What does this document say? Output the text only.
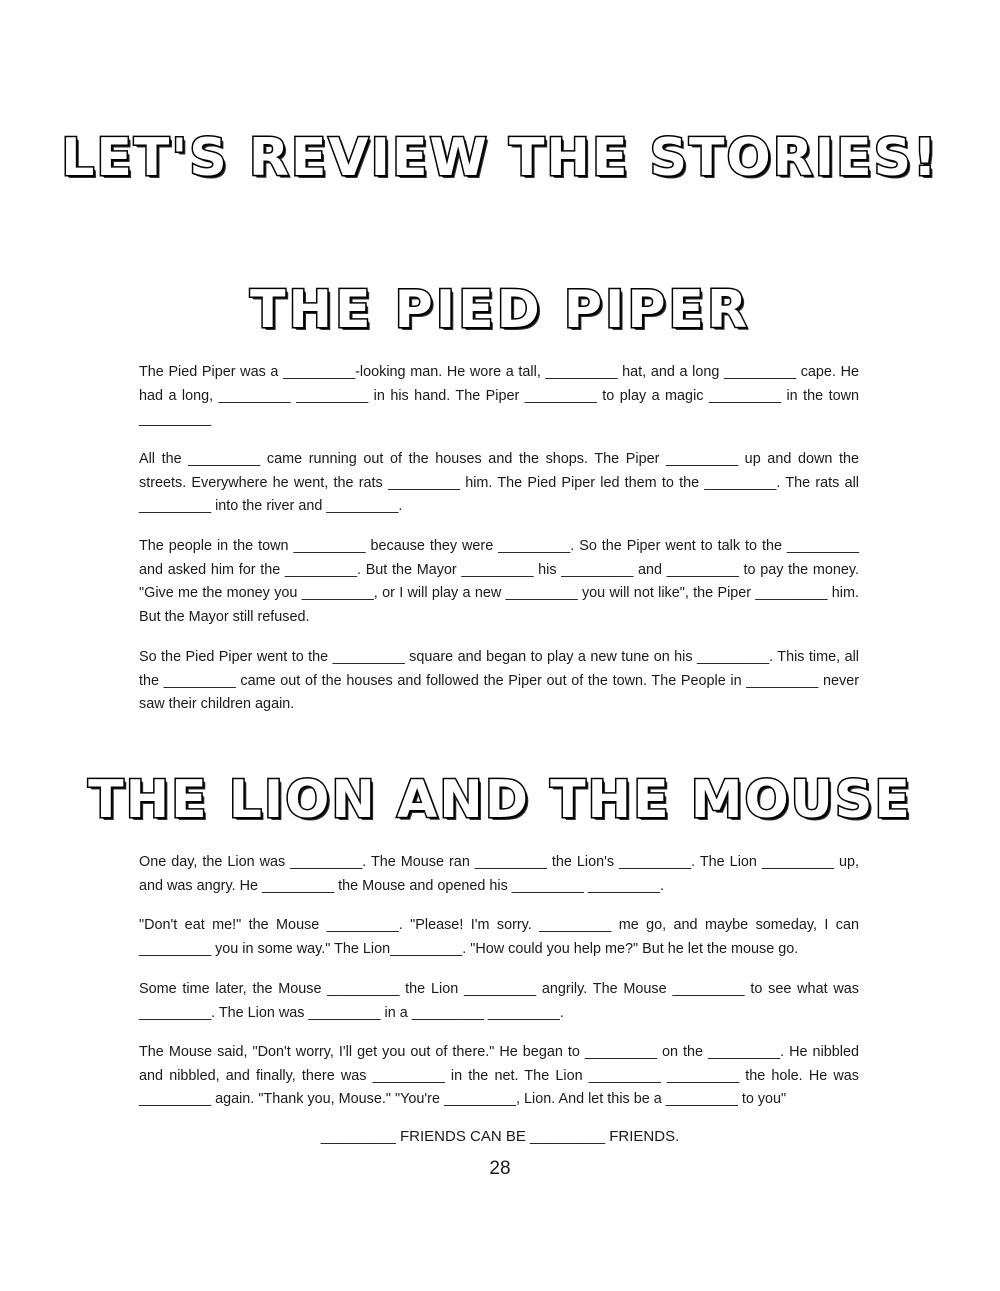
LET'S REVIEW THE STORIES!
THE PIED PIPER

The Pied Piper was a _________-looking man. He wore a tall, _________ hat, and a long _________ cape. He had a long, _________ _________ in his hand. The Piper _________ to play a magic _________ in the town _________

All the _________ came running out of the houses and the shops. The Piper _________ up and down the streets. Everywhere he went, the rats _________ him. The Pied Piper led them to the _________. The rats all _________ into the river and _________.

The people in the town _________ because they were _________. So the Piper went to talk to the _________ and asked him for the _________. But the Mayor _________ his _________ and _________ to pay the money. "Give me the money you _________, or I will play a new _________ you will not like", the Piper _________ him. But the Mayor still refused.

So the Pied Piper went to the _________ square and began to play a new tune on his _________. This time, all the _________ came out of the houses and followed the Piper out of the town. The People in _________ never saw their children again.

THE LION AND THE MOUSE

One day, the Lion was _________. The Mouse ran _________ the Lion's _________. The Lion _________ up, and was angry. He _________ the Mouse and opened his _________ _________.

"Don't eat me!" the Mouse _________. "Please! I'm sorry. _________ me go, and maybe someday, I can _________ you in some way." The Lion_________. "How could you help me?" But he let the mouse go.

Some time later, the Mouse _________ the Lion _________ angrily. The Mouse _________ to see what was _________. The Lion was _________ in a _________ _________.

The Mouse said, "Don't worry, I'll get you out of there." He began to _________ on the _________. He nibbled and nibbled, and finally, there was _________ in the net. The Lion _________ _________ the hole. He was _________ again. "Thank you, Mouse." "You're _________, Lion. And let this be a _________ to you"

_________ FRIENDS CAN BE _________ FRIENDS.
28
